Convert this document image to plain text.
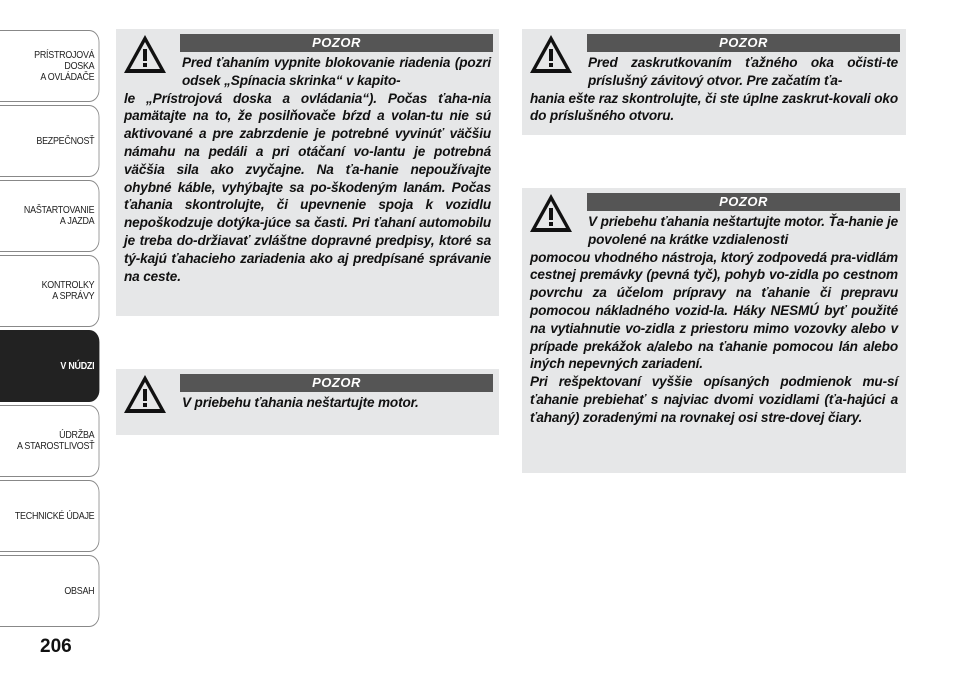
PRÍSTROJOVÁ
DOSKA
A OVLÁDAČE
BEZPEČNOSŤ
NAŠTARTOVANIE
A JAZDA
KONTROLKY
A SPRÁVY
V NÚDZI
ÚDRŽBA
A STAROSTLIVOSŤ
TECHNICKÉ ÚDAJE
OBSAH
206
POZOR
Pred ťahaním vypnite blokovanie riadenia (pozri odsek „Spínacia skrinka“ v kapito-
le „Prístrojová doska a ovládania“). Počas ťaha-nia pamätajte na to, že posilňovače bŕzd a volan-tu nie sú aktivované a pre zabrzdenie je potrebné vyvinúť väčšiu námahu na pedáli a pri otáčaní vo-lantu je potrebná väčšia sila ako zvyčajne. Na ťa-hanie nepoužívajte ohybné káble, vyhýbajte sa po-škodeným lanám. Počas ťahania skontrolujte, či upevnenie spoja k vozidlu nepoškodzuje dotýka-júce sa časti. Pri ťahaní automobilu je treba do-držiavať zvláštne dopravné predpisy, ktoré sa tý-kajú ťahacieho zariadenia ako aj predpísané správanie na ceste.
POZOR
V priebehu ťahania neštartujte motor.
POZOR
Pred zaskrutkovaním ťažného oka očisti-te príslušný závitový otvor. Pre začatím ťa-
hania ešte raz skontrolujte, či ste úplne zaskrut-kovali oko do príslušného otvoru.
POZOR
V priebehu ťahania neštartujte motor. Ťa-hanie je povolené na krátke vzdialenosti

pomocou vhodného nástroja, ktorý zodpovedá pra-vidlám cestnej premávky (pevná tyč), pohyb vo-zidla po cestnom povrchu za účelom prípravy na ťahanie či prepravu pomocou nákladného vozid-la. Háky NESMÚ byť použité na vytiahnutie vo-zidla z priestoru mimo vozovky alebo v prípade prekážok a/alebo na ťahanie pomocou lán alebo iných nepevných zariadení.

Pri rešpektovaní vyššie opísaných podmienok mu-sí ťahanie prebiehať s najviac dvomi vozidlami (ťa-hajúci a ťahaný) zoradenými na rovnakej osi stre-dovej čiary.
